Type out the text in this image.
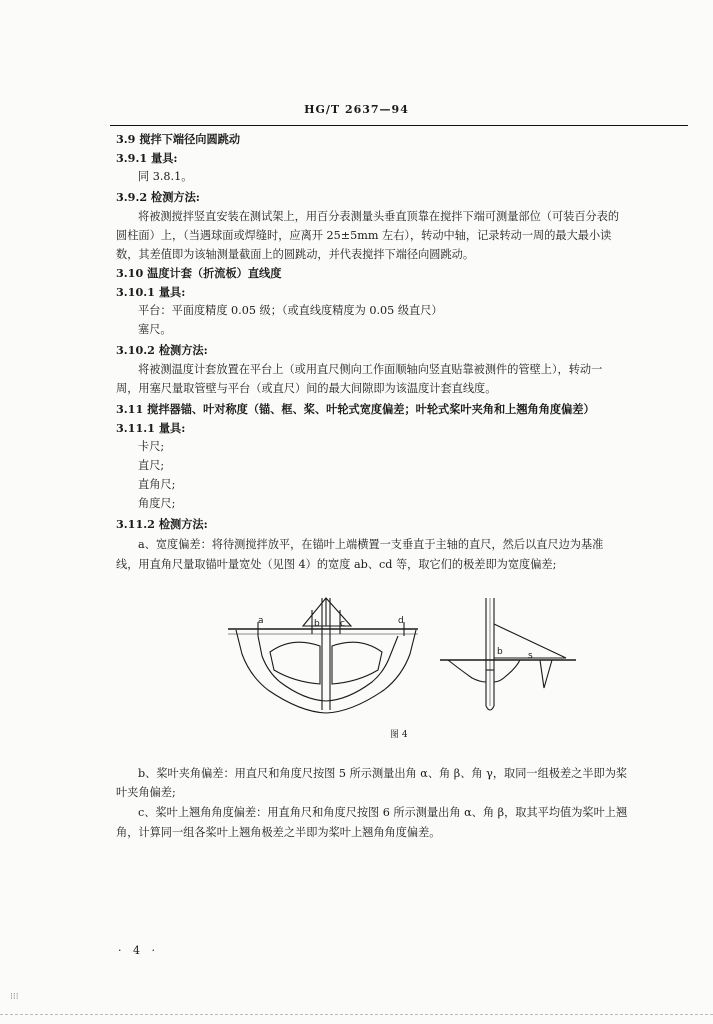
HG/T 2637—94
3.9 搅拌下端径向圆跳动
3.9.1 量具:
同 3.8.1。
3.9.2 检测方法:
将被测搅拌竖直安装在测试架上，用百分表测量头垂直顶靠在搅拌下端可测量部位（可装百分表的
圆柱面）上，（当遇球面或焊缝时，应离开 25±5mm 左右），转动中轴，记录转动一周的最大最小读
数，其差值即为该轴测量截面上的圆跳动，并代表搅拌下端径向圆跳动。
3.10 温度计套（折流板）直线度
3.10.1 量具:
平台：平面度精度 0.05 级；（或直线度精度为 0.05 级直尺）
塞尺。
3.10.2 检测方法:
将被测温度计套放置在平台上（或用直尺侧向工作面顺轴向竖直贴靠被测件的管壁上），转动一
周，用塞尺量取管壁与平台（或直尺）间的最大间隙即为该温度计套直线度。
3.11 搅拌器锚、叶对称度（锚、框、桨、叶轮式宽度偏差；叶轮式桨叶夹角和上翘角角度偏差）
3.11.1 量具:
卡尺;
直尺;
直角尺;
角度尺;
3.11.2 检测方法:
a、宽度偏差：将待测搅拌放平，在锚叶上端横置一支垂直于主轴的直尺，然后以直尺边为基准
线，用直角尺量取锚叶量宽处（见图 4）的宽度 ab、cd 等，取它们的极差即为宽度偏差;
a	b c	d
b	s
图 4
b、桨叶夹角偏差：用直尺和角度尺按图 5 所示测量出角 α、角 β、角 γ，取同一组极差之半即为桨
叶夹角偏差;
c、桨叶上翘角角度偏差：用直角尺和角度尺按图 6 所示测量出角 α、角 β，取其平均值为桨叶上翘
角，计算同一组各桨叶上翘角极差之半即为桨叶上翘角角度偏差。
· 4 ·
⁝⁝⁝
